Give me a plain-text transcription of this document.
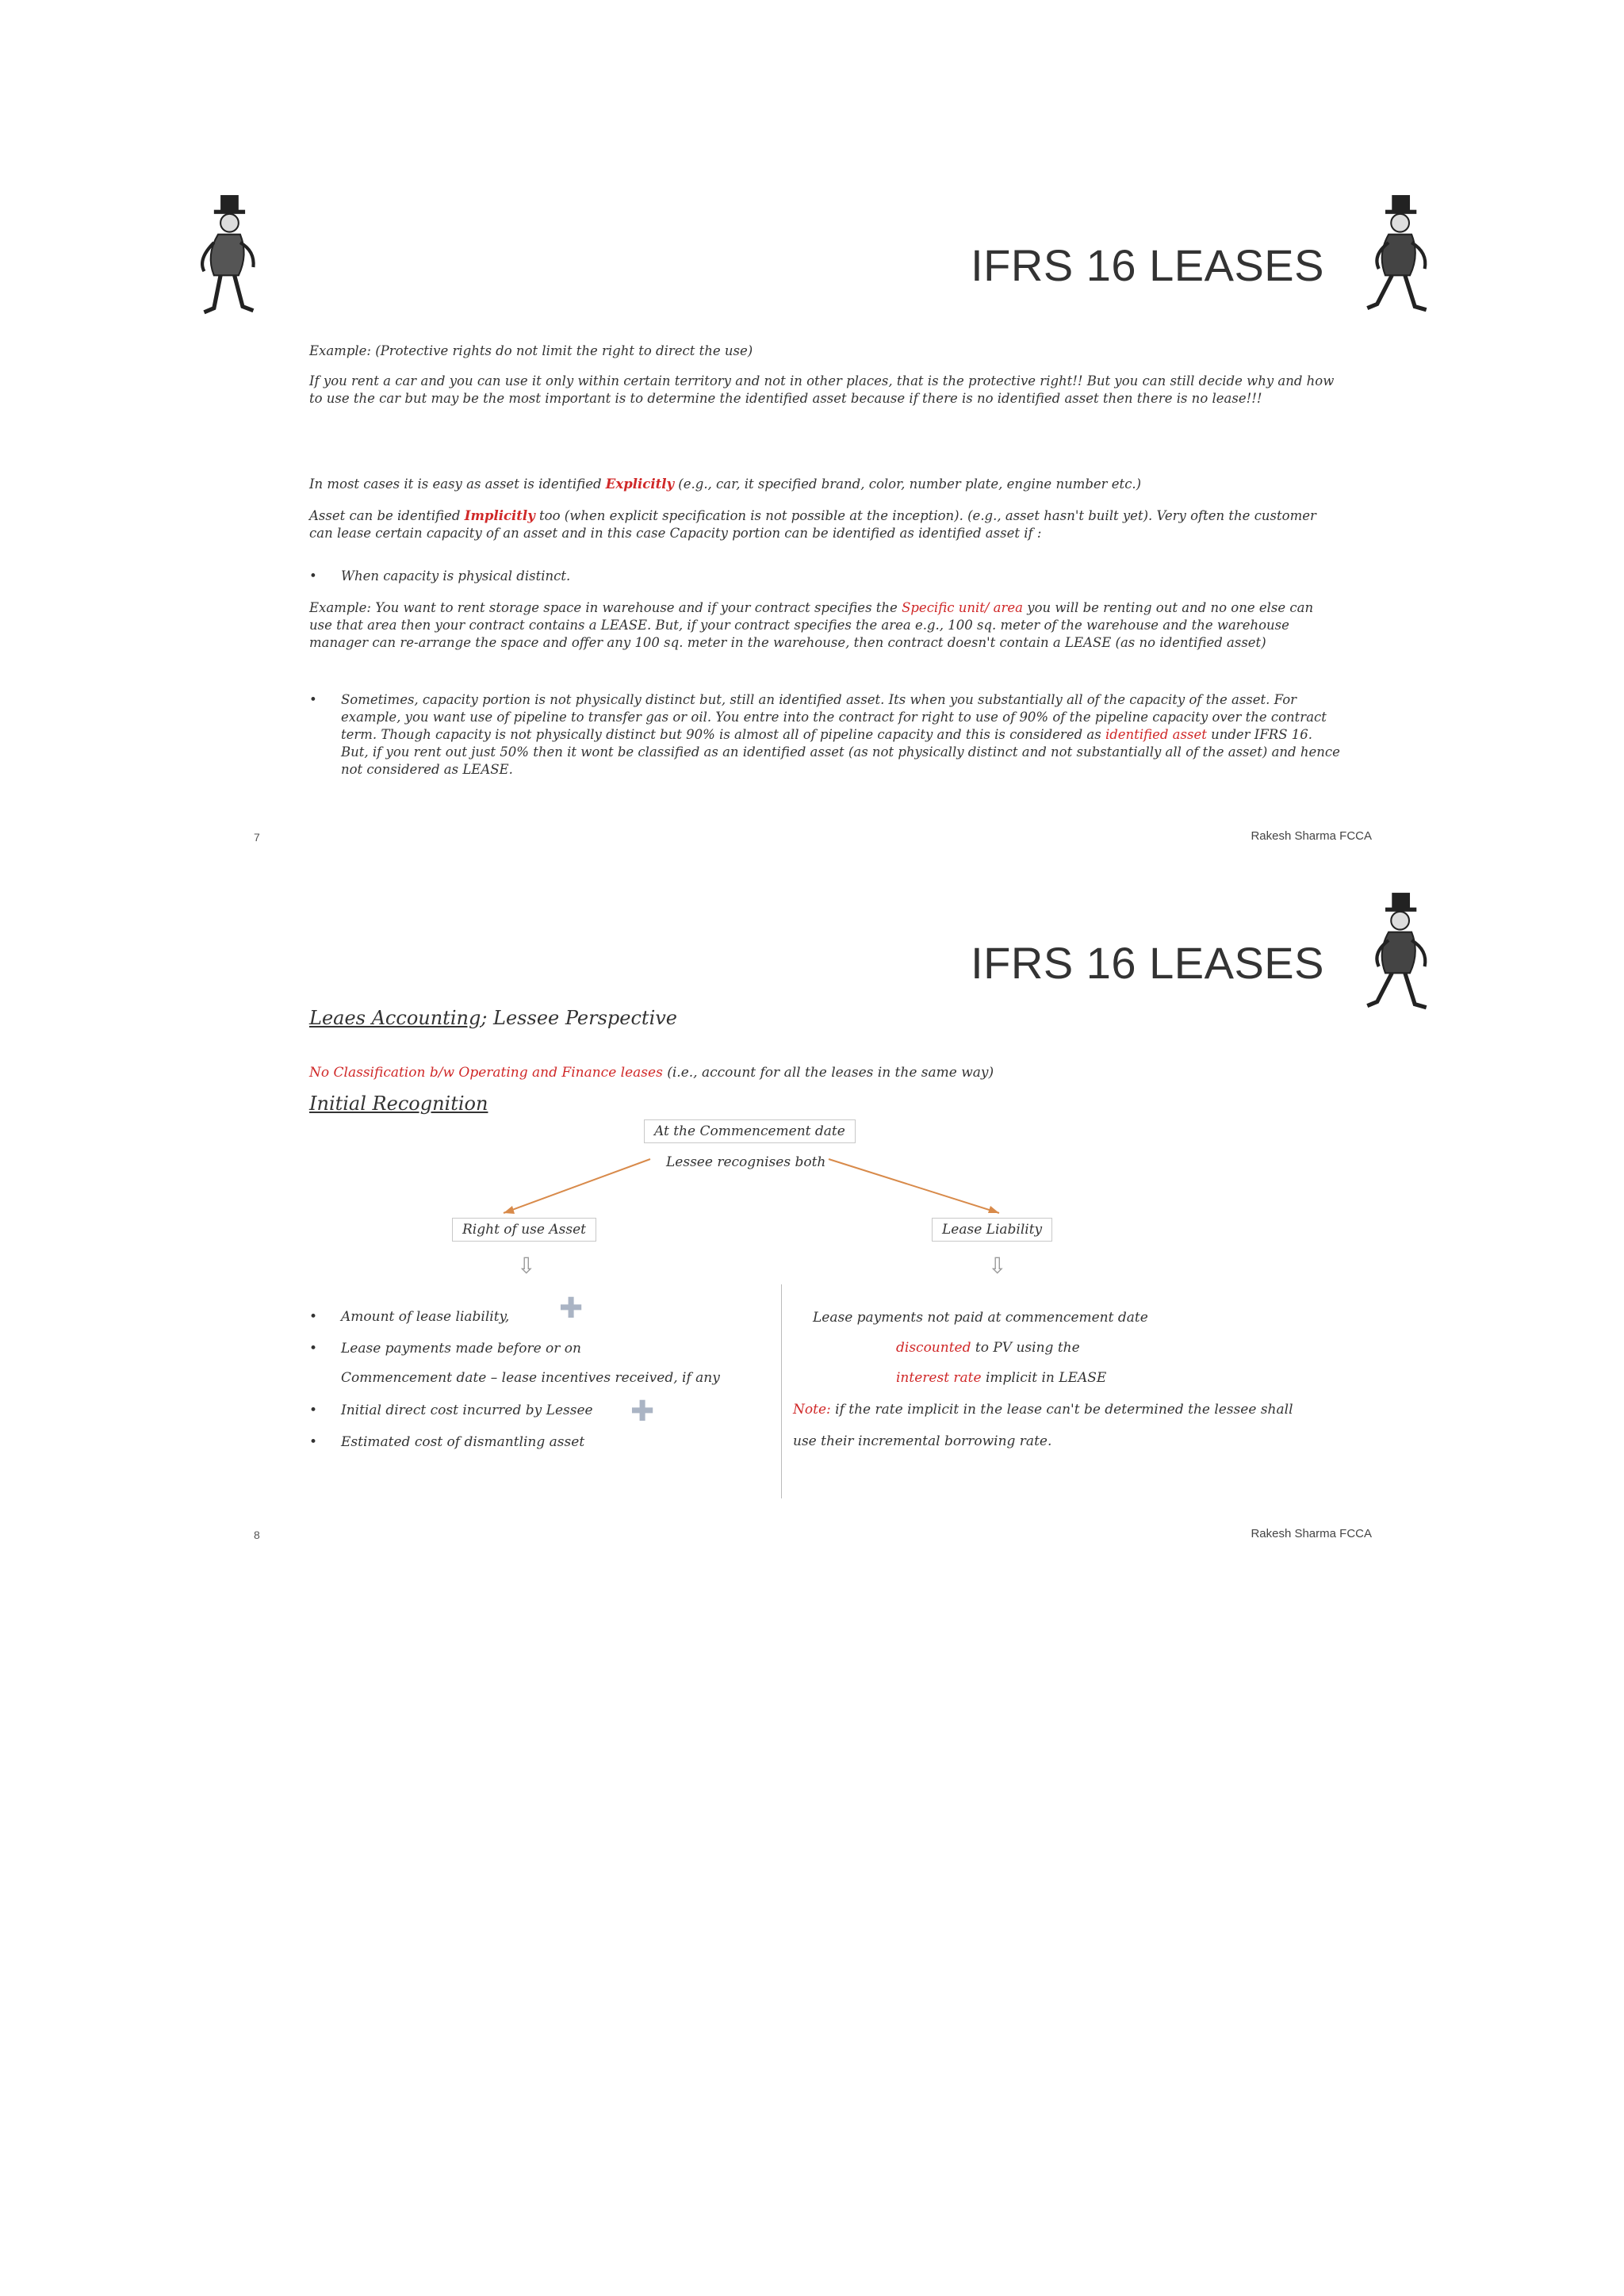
IFRS 16 LEASES
Example: (Protective rights do not limit the right to direct the use)
If you rent a car and you can use it only within certain territory and not in other places, that is the protective right!! But you can still decide why and how to use the car but may be the most important is to determine the identified asset because if there is no identified asset then there is no lease!!!
In most cases it is easy as asset is identified Explicitly (e.g., car, it specified brand, color, number plate, engine number etc.)
Asset can be identified Implicitly too (when explicit specification is not possible at the inception). (e.g., asset hasn't built yet). Very often the customer can lease certain capacity of an asset and in this case Capacity portion can be identified as identified asset if :
•	When capacity is physical distinct.
Example: You want to rent storage space in warehouse and if your contract specifies the Specific unit/ area you will be renting out and no one else can use that area then your contract contains a LEASE. But, if your contract specifies the area e.g., 100 sq. meter of the warehouse and the warehouse manager can re-arrange the space and offer any 100 sq. meter in the warehouse, then contract doesn't contain a LEASE (as no identified asset)
•	Sometimes, capacity portion is not physically distinct but, still an identified asset. Its when you substantially all of the capacity of the asset. For example, you want use of pipeline to transfer gas or oil. You entre into the contract for right to use of 90% of the pipeline capacity over the contract term. Though capacity is not physically distinct but 90% is almost all of pipeline capacity and this is considered as identified asset under IFRS 16. But, if you rent out just 50% then it wont be classified as an identified asset (as not physically distinct and not substantially all of the asset) and hence not considered as LEASE.
7	Rakesh Sharma FCCA
IFRS 16 LEASES
Leaes Accounting; Lessee Perspective
No Classification b/w Operating and Finance leases (i.e., account for all the leases in the same way)
Initial Recognition
At the Commencement date
Lessee recognises both
Right of use Asset	Lease Liability
⇩	⇩
•	Amount of lease liability, ✚
•	Lease payments made before or on
Commencement date – lease incentives received, if any
•	Initial direct cost incurred by Lessee ✚
•	Estimated cost of dismantling asset
Lease payments not paid at commencement date
discounted to PV using the
interest rate implicit in LEASE
Note: if the rate implicit in the lease can't be determined the lessee shall
use their incremental borrowing rate.
8	Rakesh Sharma FCCA
